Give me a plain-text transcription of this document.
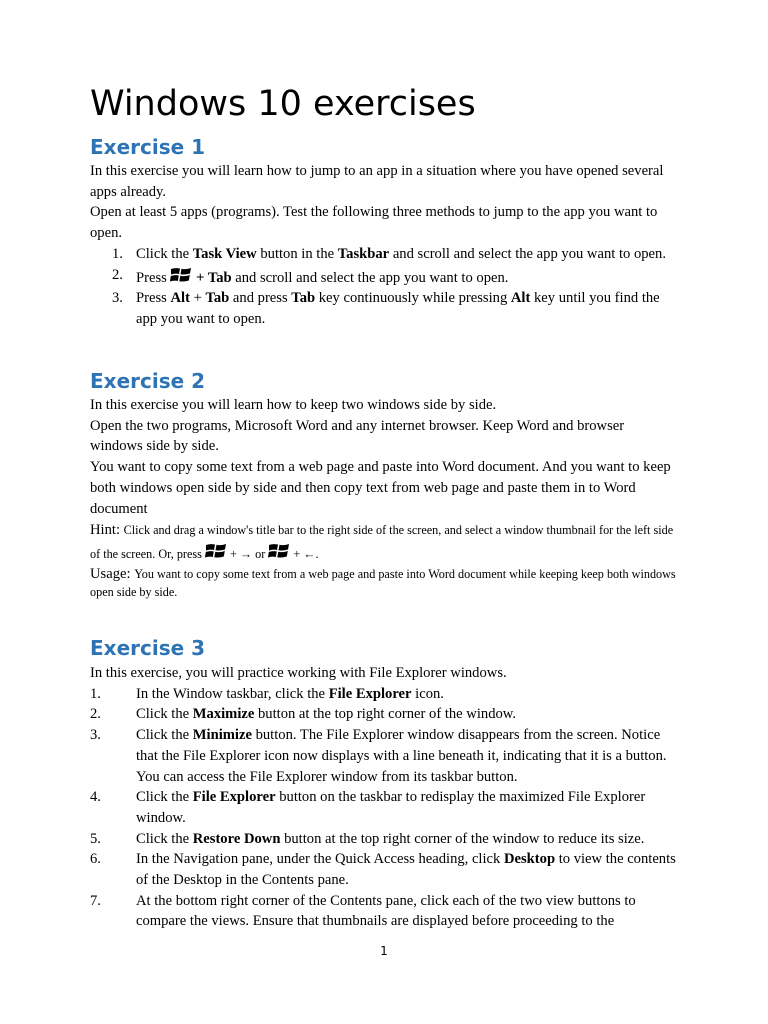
Windows 10 exercises
Exercise 1

In this exercise you will learn how to jump to an app in a situation where you have opened several apps already.

Open at least 5 apps (programs). Test the following three methods to jump to the app you want to open.

1. Click the Task View button in the Taskbar and scroll and select the app you want to open.
2. Press  + Tab and scroll and select the app you want to open.
3. Press Alt + Tab and press Tab key continuously while pressing Alt key until you find the app you want to open.
Exercise 2

In this exercise you will learn how to keep two windows side by side.

Open the two programs, Microsoft Word and any internet browser. Keep Word and browser windows side by side.

You want to copy some text from a web page and paste into Word document. And you want to keep both windows open side by side and then copy text from web page and paste them in to Word document

Hint: Click and drag a window's title bar to the right side of the screen, and select a window thumbnail for the left side of the screen. Or, press  + → or  + ←.

Usage: You want to copy some text from a web page and paste into Word document while keeping keep both windows open side by side.

Exercise 3

In this exercise, you will practice working with File Explorer windows.

1. In the Window taskbar, click the File Explorer icon.
2. Click the Maximize button at the top right corner of the window.
3. Click the Minimize button. The File Explorer window disappears from the screen. Notice that the File Explorer icon now displays with a line beneath it, indicating that it is a button. You can access the File Explorer window from its taskbar button.
4. Click the File Explorer button on the taskbar to redisplay the maximized File Explorer window.
5. Click the Restore Down button at the top right corner of the window to reduce its size.
6. In the Navigation pane, under the Quick Access heading, click Desktop to view the contents of the Desktop in the Contents pane.
7. At the bottom right corner of the Contents pane, click each of the two view buttons to compare the views. Ensure that thumbnails are displayed before proceeding to the
1
